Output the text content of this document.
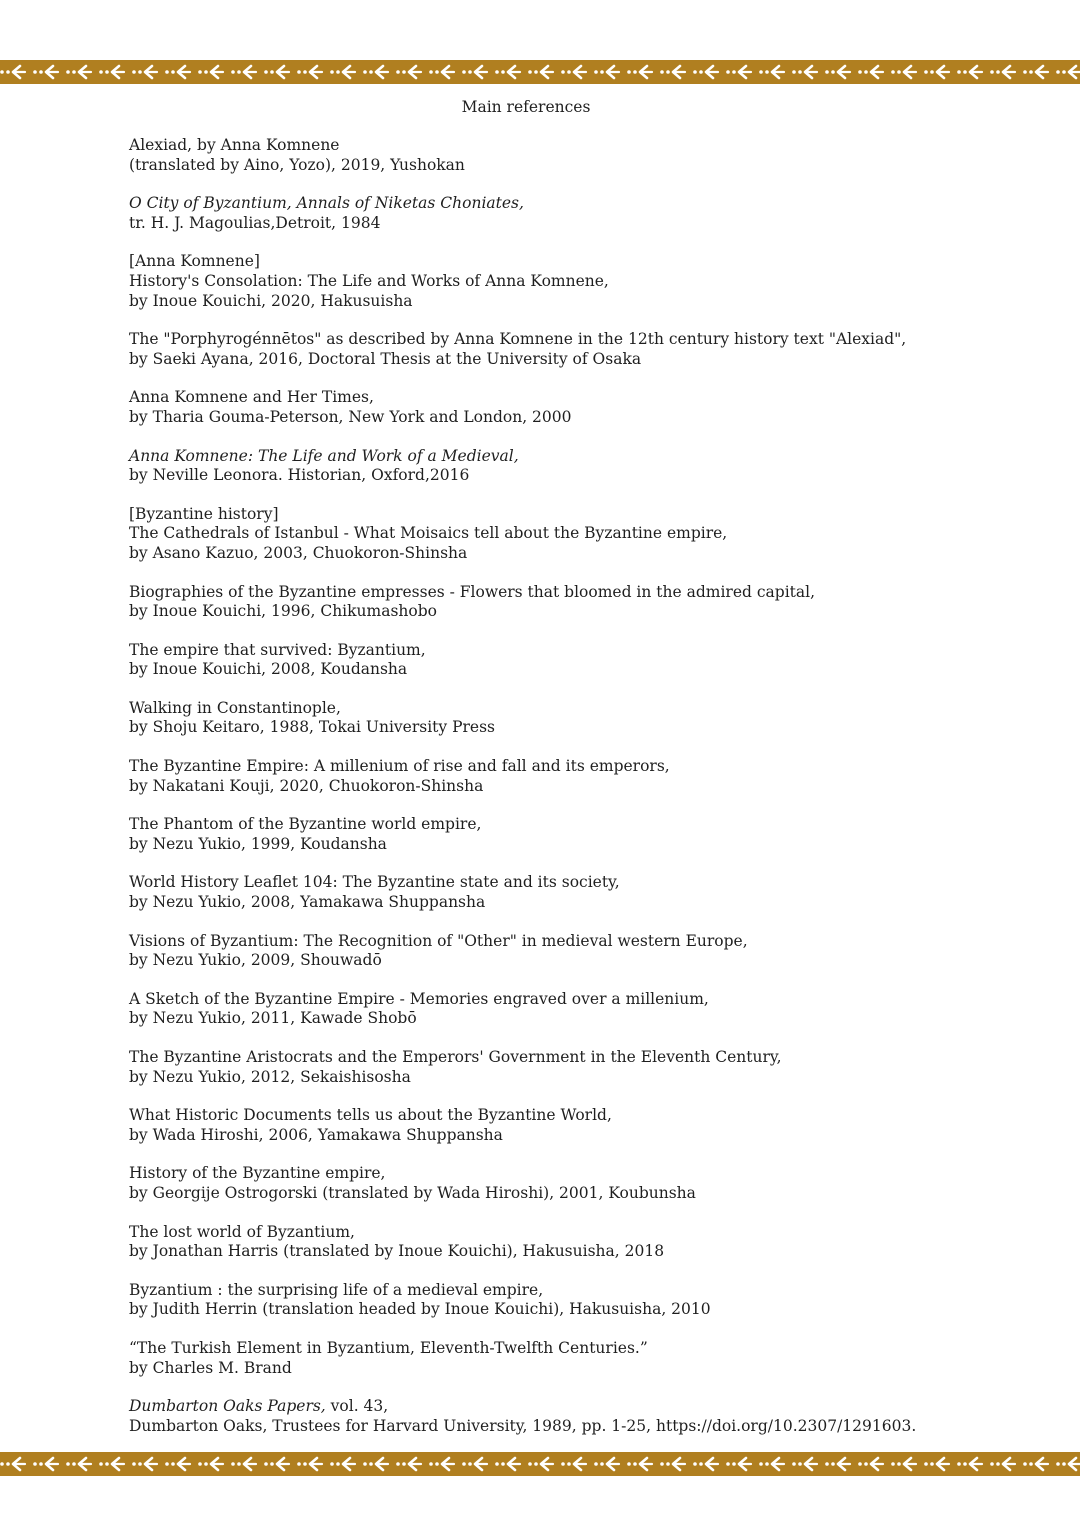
Main references
Alexiad, by Anna Komnene
(translated by Aino, Yozo), 2019, Yushokan
O City of Byzantium, Annals of Niketas Choniates,
tr. H. J. Magoulias,Detroit, 1984
[Anna Komnene]
History's Consolation: The Life and Works of Anna Komnene,
by Inoue Kouichi, 2020, Hakusuisha
The "Porphyrogénnētos" as described by Anna Komnene in the 12th century history text "Alexiad",
by Saeki Ayana, 2016, Doctoral Thesis at the University of Osaka
Anna Komnene and Her Times,
by Tharia Gouma-Peterson, New York and London, 2000
Anna Komnene: The Life and Work of a Medieval,
by Neville Leonora. Historian, Oxford,2016
[Byzantine history]
The Cathedrals of Istanbul - What Moisaics tell about the Byzantine empire,
by Asano Kazuo, 2003, Chuokoron-Shinsha
Biographies of the Byzantine empresses - Flowers that bloomed in the admired capital,
by Inoue Kouichi, 1996, Chikumashobo
The empire that survived: Byzantium,
by Inoue Kouichi, 2008, Koudansha
Walking in Constantinople,
by Shoju Keitaro, 1988, Tokai University Press
The Byzantine Empire: A millenium of rise and fall and its emperors,
by Nakatani Kouji, 2020, Chuokoron-Shinsha
The Phantom of the Byzantine world empire,
by Nezu Yukio, 1999, Koudansha
World History Leaflet 104: The Byzantine state and its society,
by Nezu Yukio, 2008, Yamakawa Shuppansha
Visions of Byzantium: The Recognition of "Other" in medieval western Europe,
by Nezu Yukio, 2009, Shouwadō
A Sketch of the Byzantine Empire - Memories engraved over a millenium,
by Nezu Yukio, 2011, Kawade Shobō
The Byzantine Aristocrats and the Emperors' Government in the Eleventh Century,
by Nezu Yukio, 2012, Sekaishisosha
What Historic Documents tells us about the Byzantine World,
by Wada Hiroshi, 2006, Yamakawa Shuppansha
History of the Byzantine empire,
by Georgije Ostrogorski (translated by Wada Hiroshi), 2001, Koubunsha
The lost world of Byzantium,
by Jonathan Harris (translated by Inoue Kouichi), Hakusuisha, 2018
Byzantium : the surprising life of a medieval empire,
by Judith Herrin (translation headed by Inoue Kouichi), Hakusuisha, 2010
“The Turkish Element in Byzantium, Eleventh-Twelfth Centuries.”
by Charles M. Brand
Dumbarton Oaks Papers, vol. 43,
Dumbarton Oaks, Trustees for Harvard University, 1989, pp. 1-25, https://doi.org/10.2307/1291603.
